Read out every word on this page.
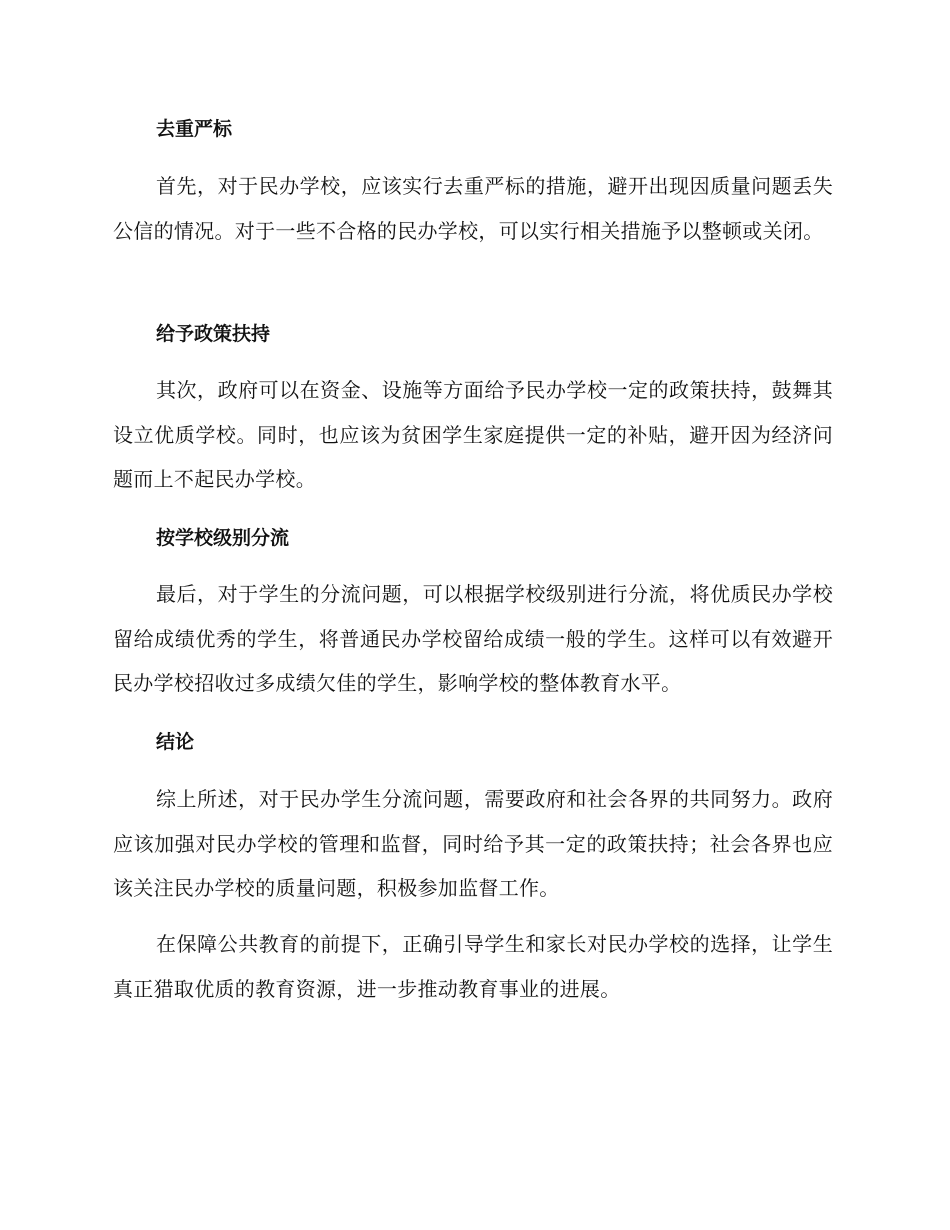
去重严标

首先，对于民办学校，应该实行去重严标的措施，避开出现因质量问题丢失公信的情况。对于一些不合格的民办学校，可以实行相关措施予以整顿或关闭。

给予政策扶持

其次，政府可以在资金、设施等方面给予民办学校一定的政策扶持，鼓舞其设立优质学校。同时，也应该为贫困学生家庭提供一定的补贴，避开因为经济问题而上不起民办学校。

按学校级别分流

最后，对于学生的分流问题，可以根据学校级别进行分流，将优质民办学校留给成绩优秀的学生，将普通民办学校留给成绩一般的学生。这样可以有效避开民办学校招收过多成绩欠佳的学生，影响学校的整体教育水平。

结论

综上所述，对于民办学生分流问题，需要政府和社会各界的共同努力。政府应该加强对民办学校的管理和监督，同时给予其一定的政策扶持；社会各界也应该关注民办学校的质量问题，积极参加监督工作。

在保障公共教育的前提下，正确引导学生和家长对民办学校的选择，让学生真正猎取优质的教育资源，进一步推动教育事业的进展。
